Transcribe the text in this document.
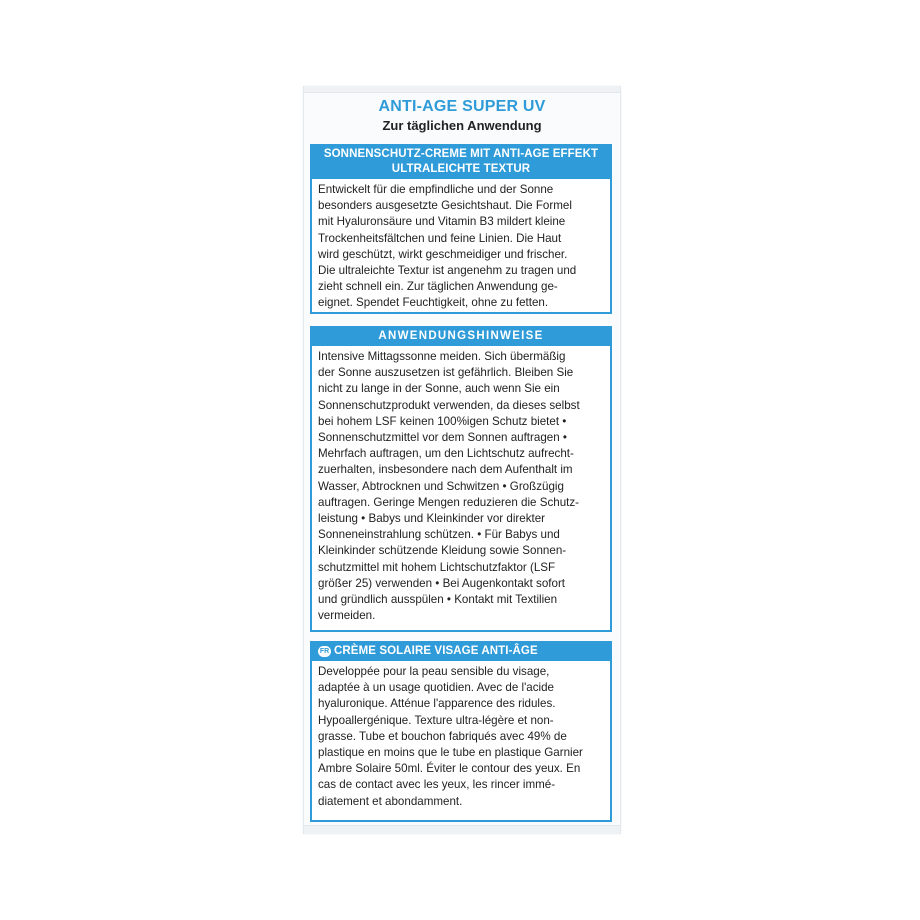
ANTI-AGE SUPER UV
Zur täglichen Anwendung
SONNENSCHUTZ-CREME MIT ANTI-AGE EFFEKT
ULTRALEICHTE TEXTUR
Entwickelt für die empfindliche und der Sonne
besonders ausgesetzte Gesichtshaut. Die Formel
mit Hyaluronsäure und Vitamin B3 mildert kleine
Trockenheitsfältchen und feine Linien. Die Haut
wird geschützt, wirkt geschmeidiger und frischer.
Die ultraleichte Textur ist angenehm zu tragen und
zieht schnell ein. Zur täglichen Anwendung ge-
eignet. Spendet Feuchtigkeit, ohne zu fetten.
ANWENDUNGSHINWEISE
Intensive Mittagssonne meiden. Sich übermäßig
der Sonne auszusetzen ist gefährlich. Bleiben Sie
nicht zu lange in der Sonne, auch wenn Sie ein
Sonnenschutzprodukt verwenden, da dieses selbst
bei hohem LSF keinen 100%igen Schutz bietet •
Sonnenschutzmittel vor dem Sonnen auftragen •
Mehrfach auftragen, um den Lichtschutz aufrecht-
zuerhalten, insbesondere nach dem Aufenthalt im
Wasser, Abtrocknen und Schwitzen • Großzügig
auftragen. Geringe Mengen reduzieren die Schutz-
leistung • Babys und Kleinkinder vor direkter
Sonneneinstrahlung schützen. • Für Babys und
Kleinkinder schützende Kleidung sowie Sonnen-
schutzmittel mit hohem Lichtschutzfaktor (LSF
größer 25) verwenden • Bei Augenkontakt sofort
und gründlich ausspülen • Kontakt mit Textilien
vermeiden.
FR CRÈME SOLAIRE VISAGE ANTI-ÂGE
Developpée pour la peau sensible du visage,
adaptée à un usage quotidien. Avec de l'acide
hyaluronique. Atténue l'apparence des ridules.
Hypoallergénique. Texture ultra-légère et non-
grasse. Tube et bouchon fabriqués avec 49% de
plastique en moins que le tube en plastique Garnier
Ambre Solaire 50ml. Éviter le contour des yeux. En
cas de contact avec les yeux, les rincer immé-
diatement et abondamment.
